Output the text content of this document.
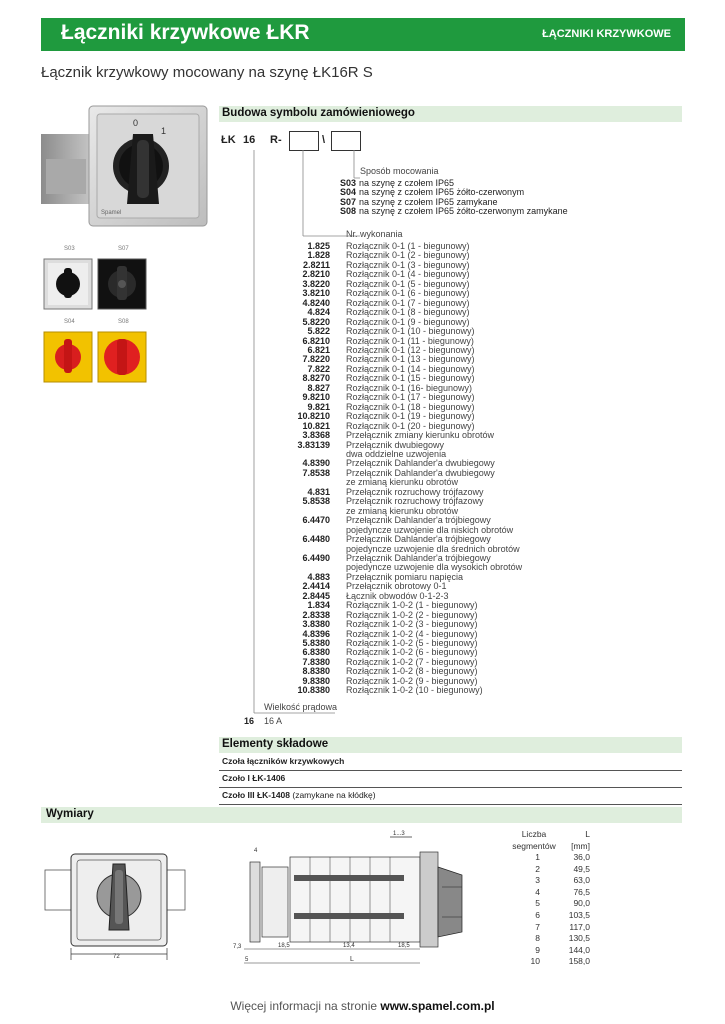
Łączniki krzywkowe ŁKR	ŁĄCZNIKI KRZYWKOWE
Łącznik krzywkowy mocowany na szynę ŁK16R S
0
1
Spamel
S03	S07
S04	S08
Budowa symbolu zamówieniowego
ŁK 16 R-	\
Sposób mocowania
S03 na szynę z czołem IP65
S04 na szynę z czołem IP65 żółto-czerwonym
S07 na szynę z czołem IP65 zamykane
S08 na szynę z czołem IP65 żółto-czerwonym zamykane
Nr. wykonania
1.825 Rozłącznik 0-1 (1 - biegunowy)
1.828 Rozłącznik 0-1 (2 - biegunowy)
2.8211 Rozłącznik 0-1 (3 - biegunowy)
2.8210 Rozłącznik 0-1 (4 - biegunowy)
3.8220 Rozłącznik 0-1 (5 - biegunowy)
3.8210 Rozłącznik 0-1 (6 - biegunowy)
4.8240 Rozłącznik 0-1 (7 - biegunowy)
4.824 Rozłącznik 0-1 (8 - biegunowy)
5.8220 Rozłącznik 0-1 (9 - biegunowy)
5.822 Rozłącznik 0-1 (10 - biegunowy)
6.8210 Rozłącznik 0-1 (11 - biegunowy)
6.821 Rozłącznik 0-1 (12 - biegunowy)
7.8220 Rozłącznik 0-1 (13 - biegunowy)
7.822 Rozłącznik 0-1 (14 - biegunowy)
8.8270 Rozłącznik 0-1 (15 - biegunowy)
8.827 Rozłącznik 0-1 (16- biegunowy)
9.8210 Rozłącznik 0-1 (17 - biegunowy)
9.821 Rozłącznik 0-1 (18 - biegunowy)
10.8210 Rozłącznik 0-1 (19 - biegunowy)
10.821 Rozłącznik 0-1 (20 - biegunowy)
3.8368 Przełącznik zmiany kierunku obrotów
3.83139 Przełącznik dwubiegowy
dwa oddzielne uzwojenia
4.8390 Przełącznik Dahlander'a dwubiegowy
7.8538 Przełącznik Dahlander'a dwubiegowy
ze zmianą kierunku obrotów
4.831 Przełącznik rozruchowy trójfazowy
5.8538 Przełącznik rozruchowy trójfazowy
ze zmianą kierunku obrotów
6.4470 Przełącznik Dahlander'a trójbiegowy
pojedyncze uzwojenie dla niskich obrotów
6.4480 Przełącznik Dahlander'a trójbiegowy
pojedyncze uzwojenie dla średnich obrotów
6.4490 Przełącznik Dahlander'a trójbiegowy
pojedyncze uzwojenie dla wysokich obrotów
4.883 Przełącznik pomiaru napięcia
2.4414 Przełącznik obrotowy 0-1
2.8445 Łącznik obwodów 0-1-2-3
1.834 Rozłącznik 1-0-2 (1 - biegunowy)
2.8338 Rozłącznik 1-0-2 (2 - biegunowy)
3.8380 Rozłącznik 1-0-2 (3 - biegunowy)
4.8396 Rozłącznik 1-0-2 (4 - biegunowy)
5.8380 Rozłącznik 1-0-2 (5 - biegunowy)
6.8380 Rozłącznik 1-0-2 (6 - biegunowy)
7.8380 Rozłącznik 1-0-2 (7 - biegunowy)
8.8380 Rozłącznik 1-0-2 (8 - biegunowy)
9.8380 Rozłącznik 1-0-2 (9 - biegunowy)
10.8380 Rozłącznik 1-0-2 (10 - biegunowy)
Wielkość prądowa
16 16 A
Elementy składowe
Czoła łączników krzywkowych
Czoło I ŁK-1406
Czoło III ŁK-1408 (zamykane na kłódkę)
Wymiary
72
1...3
4
7,3	18,5	13,4	18,5
5	L
Liczba
segmentów
L
[mm]
1	36,0
2	49,5
3	63,0
4	76,5
5	90,0
6	103,5
7	117,0
8	130,5
9	144,0
10	158,0
Więcej informacji na stronie www.spamel.com.pl
